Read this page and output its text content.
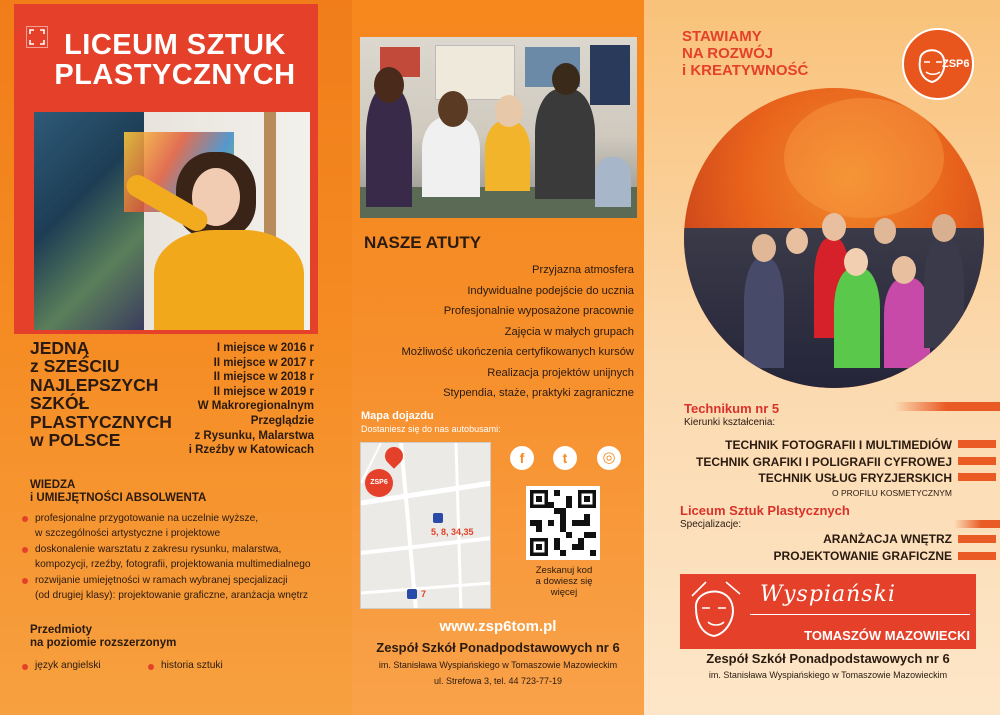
LICEUM SZTUK
PLASTYCZNYCH
JEDNĄ
z SZEŚCIU
NAJLEPSZYCH
SZKÓŁ
PLASTYCZNYCH
w POLSCE
I miejsce w 2016 r
II miejsce w 2017 r
II miejsce w 2018 r
II miejsce w 2019 r
W Makroregionalnym
Przeglądzie
z Rysunku, Malarstwa
i Rzeźby w Katowicach
WIEDZA
i UMIEJĘTNOŚCI ABSOLWENTA
profesjonalne przygotowanie na uczelnie wyższe,
w szczególności artystyczne i projektowe
doskonalenie warsztatu z zakresu rysunku, malarstwa,
kompozycji, rzeźby, fotografii, projektowania multimedialnego
rozwijanie umiejętności w ramach wybranej specjalizacji
(od drugiej klasy): projektowanie graficzne, aranżacja wnętrz
Przedmioty
na poziomie rozszerzonym
język angielski	historia sztuki
NASZE ATUTY
Przyjazna atmosfera
Indywidualne podejście do ucznia
Profesjonalnie wyposażone pracownie
Zajęcia w małych grupach
Możliwość ukończenia certyfikowanych kursów
Realizacja projektów unijnych
Stypendia, staże, praktyki zagraniczne
Mapa dojazdu
Dostaniesz się do nas autobusami:
ZSP6
5, 8, 34,35
7
f	t	◎
Zeskanuj kod
a dowiesz się
więcej
www.zsp6tom.pl
Zespół Szkół Ponadpodstawowych nr 6
im. Stanisława Wyspiańskiego w Tomaszowie Mazowieckim
ul. Strefowa 3, tel. 44 723-77-19
STAWIAMY
NA ROZWÓJ
i KREATYWNOŚĆ	ZSP6
Technikum nr 5
Kierunki kształcenia:
TECHNIK FOTOGRAFII I MULTIMEDIÓW
TECHNIK GRAFIKI I POLIGRAFII CYFROWEJ
TECHNIK USŁUG FRYZJERSKICH
O PROFILU KOSMETYCZNYM
Liceum Sztuk Plastycznych
Specjalizacje:
ARANŻACJA WNĘTRZ
PROJEKTOWANIE GRAFICZNE
Wyspiański
TOMASZÓW MAZOWIECKI
Zespół Szkół Ponadpodstawowych nr 6
im. Stanisława Wyspiańskiego w Tomaszowie Mazowieckim
